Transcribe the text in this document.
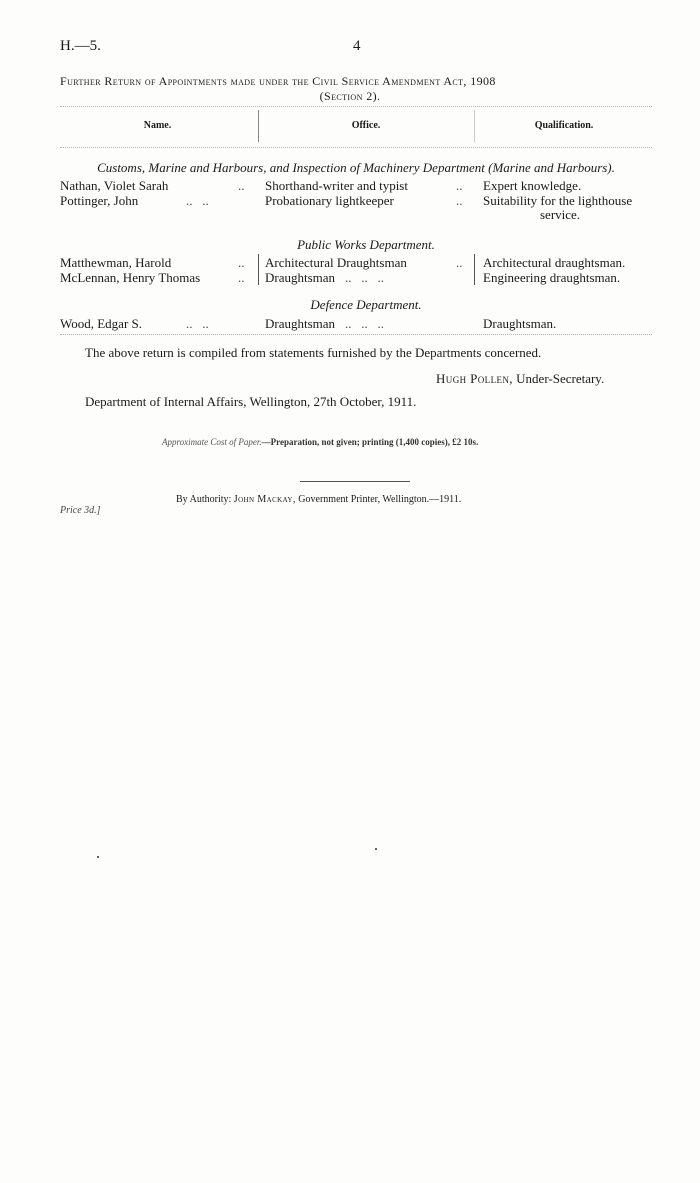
H.—5.	4
Further Return of Appointments made under the Civil Service Amendment Act, 1908
(Section 2).
Name.	Office.	Qualification.
Customs, Marine and Harbours, and Inspection of Machinery Department (Marine and Harbours).
Nathan, Violet Sarah	.. Shorthand-writer and typist	.. Expert knowledge.
Pottinger, John	..   ..	Probationary lightkeeper	.. Suitability for the lighthouse
service.
Public Works Department.
Matthewman, Harold	.. Architectural Draughtsman	.. Architectural draughtsman.
McLennan, Henry Thomas	.. Draughtsman ..   ..   ..	Engineering draughtsman.
Defence Department.
Wood, Edgar S.	..   ..	Draughtsman ..   ..   ..	Draughtsman.
The above return is compiled from statements furnished by the Departments concerned.
Hugh Pollen, Under-Secretary.
Department of Internal Affairs, Wellington, 27th October, 1911.
Approximate Cost of Paper.—Preparation, not given; printing (1,400 copies), £2 10s.
By Authority: John Mackay, Government Printer, Wellington.—1911.
Price 3d.]
